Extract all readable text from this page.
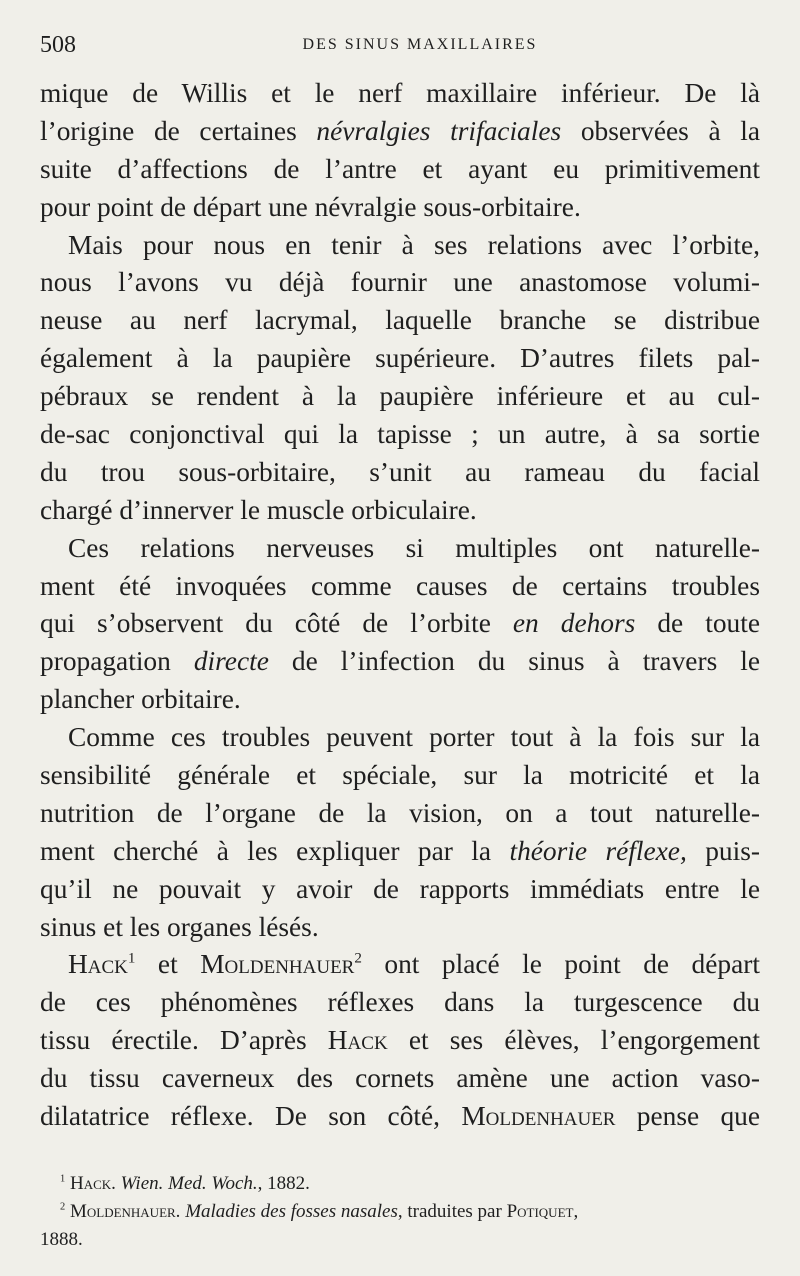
508	DES SINUS MAXILLAIRES
mique de Willis et le nerf maxillaire inférieur. De là
l’origine de certaines névralgies trifaciales observées à la
suite d’affections de l’antre et ayant eu primitivement
pour point de départ une névralgie sous-orbitaire.
Mais pour nous en tenir à ses relations avec l’orbite,
nous l’avons vu déjà fournir une anastomose volumi-
neuse au nerf lacrymal, laquelle branche se distribue
également à la paupière supérieure. D’autres filets pal-
pébraux se rendent à la paupière inférieure et au cul-
de-sac conjonctival qui la tapisse ; un autre, à sa sortie
du trou sous-orbitaire, s’unit au rameau du facial
chargé d’innerver le muscle orbiculaire.
Ces relations nerveuses si multiples ont naturelle-
ment été invoquées comme causes de certains troubles
qui s’observent du côté de l’orbite en dehors de toute
propagation directe de l’infection du sinus à travers le
plancher orbitaire.
Comme ces troubles peuvent porter tout à la fois sur la
sensibilité générale et spéciale, sur la motricité et la
nutrition de l’organe de la vision, on a tout naturelle-
ment cherché à les expliquer par la théorie réflexe, puis-
qu’il ne pouvait y avoir de rapports immédiats entre le
sinus et les organes lésés.
Hack$^1$ et Moldenhauer$^2$ ont placé le point de départ
de ces phénomènes réflexes dans la turgescence du
tissu érectile. D’après Hack et ses élèves, l’engorgement
du tissu caverneux des cornets amène une action vaso-
dilatatrice réflexe. De son côté, Moldenhauer pense que
$^1$ Hack. Wien. Med. Woch., 1882.
$^2$ Moldenhauer. Maladies des fosses nasales, traduites par Potiquet,
1888.
